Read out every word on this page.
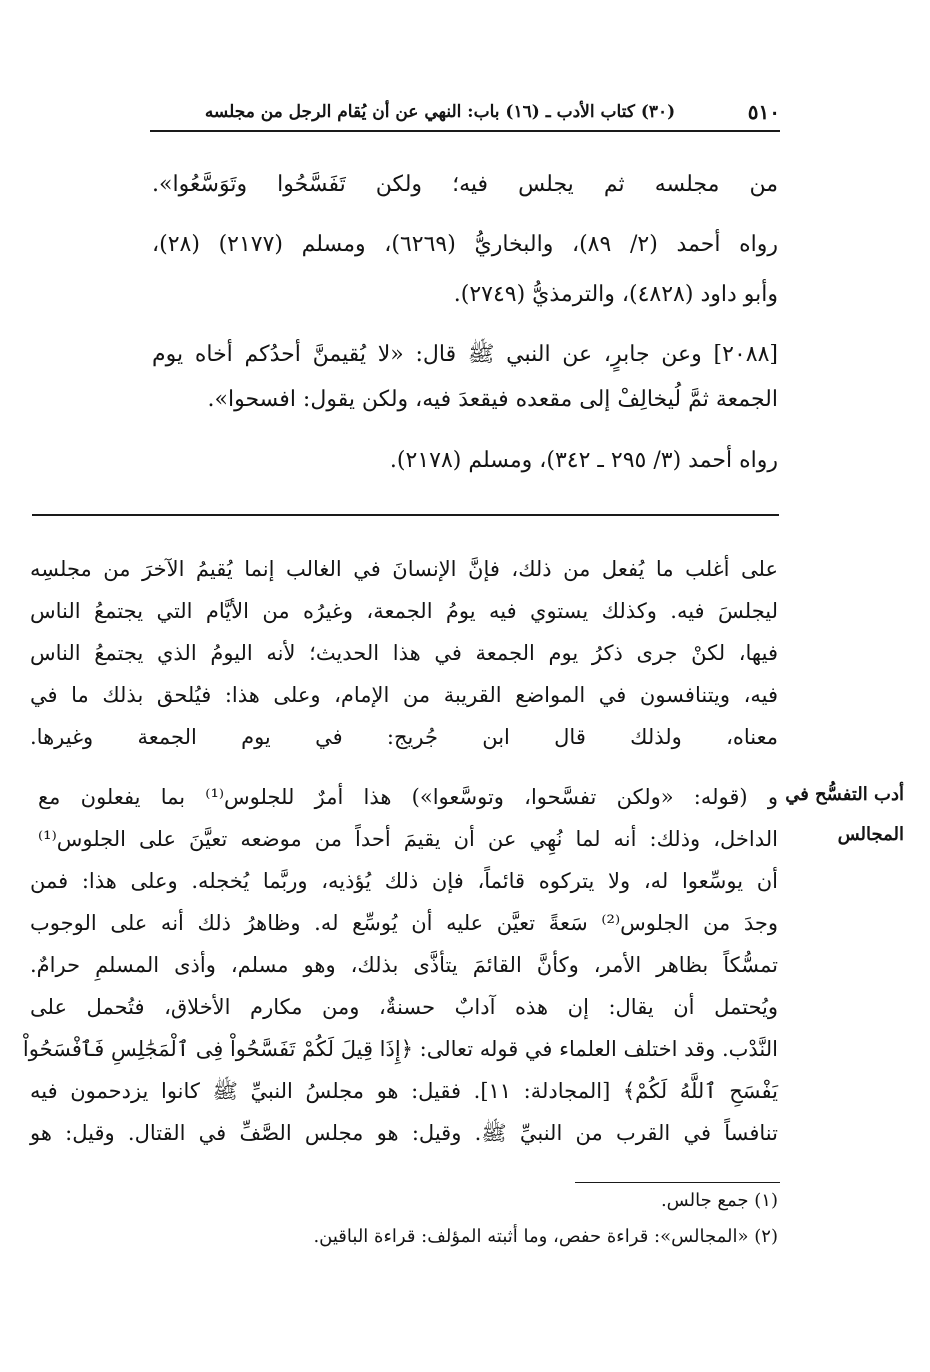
٥١٠
(٣٠) كتاب الأدب ـ (١٦) باب: النهي عن أن يُقام الرجل من مجلسه
من مجلسه ثم يجلس فيه؛ ولكن تَفَسَّحُوا وتَوَسَّعُوا».
رواه أحمد (٢/ ٨٩)، والبخاريُّ (٦٢٦٩)، ومسلم (٢١٧٧) (٢٨)،
وأبو داود (٤٨٢٨)، والترمذيُّ (٢٧٤٩).
[٢٠٨٨] وعن جابرٍ، عن النبي ﷺ قال: «لا يُقيمنَّ أحدُكم أخاه يوم
الجمعة ثمَّ لُيخالِفْ إلى مقعده فيقعدَ فيه، ولكن يقول: افسحوا».
رواه أحمد (٣/ ٢٩٥ ـ ٣٤٢)، ومسلم (٢١٧٨).
على أغلب ما يُفعل من ذلك، فإنَّ الإنسانَ في الغالب إنما يُقيمُ الآخرَ من مجلسِه
ليجلسَ فيه. وكذلك يستوي فيه يومُ الجمعة، وغيرُه من الأيَّام التي يجتمعُ الناس
فيها، لكنْ جرى ذكرُ يوم الجمعة في هذا الحديث؛ لأنه اليومُ الذي يجتمعُ الناس
فيه، ويتنافسون في المواضع القريبة من الإمام، وعلى هذا: فيُلحق بذلك ما في
معناه، ولذلك قال ابن جُريج: في يوم الجمعة وغيرها.
و (قوله: «ولكن تفسَّحوا، وتوسَّعوا») هذا أمرٌ للجلوس⁽¹⁾ بما يفعلون مع
الداخل، وذلك: أنه لما نُهِي عن أن يقيمَ أحداً من موضعه تعيَّنَ على الجلوس⁽¹⁾
أن يوسِّعوا له، ولا يتركوه قائماً، فإن ذلك يُؤذيه، وربَّما يُخجله. وعلى هذا: فمن
وجدَ من الجلوس⁽²⁾ سَعةً تعيَّن عليه أن يُوسِّع له. وظاهرُ ذلك أنه على الوجوب
تمسُّكاً بظاهر الأمر، وكأنَّ القائمَ يتأذَّى بذلك، وهو مسلم، وأذى المسلمِ حرامٌ.
ويُحتمل أن يقال: إن هذه آدابٌ حسنةٌ، ومن مكارم الأخلاق، فتُحمل على
النَّدْب. وقد اختلف العلماء في قوله تعالى: ﴿إِذَا قِيلَ لَكُمْ تَفَسَّحُواْ فِى ٱلْمَجَٰلِسِ فَٱفْسَحُواْ
يَفْسَحِ ٱللَّهُ لَكُمْ﴾ [المجادلة: ١١]. فقيل: هو مجلسُ النبيِّ ﷺ كانوا يزدحمون فيه
تنافساً في القرب من النبيِّ ﷺ. وقيل: هو مجلس الصَّفِّ في القتال. وقيل: هو
أدب التفسُّح في
المجالس
(١) جمع جالس.
(٢) «المجالس»: قراءة حفص، وما أثبته المؤلف: قراءة الباقين.
